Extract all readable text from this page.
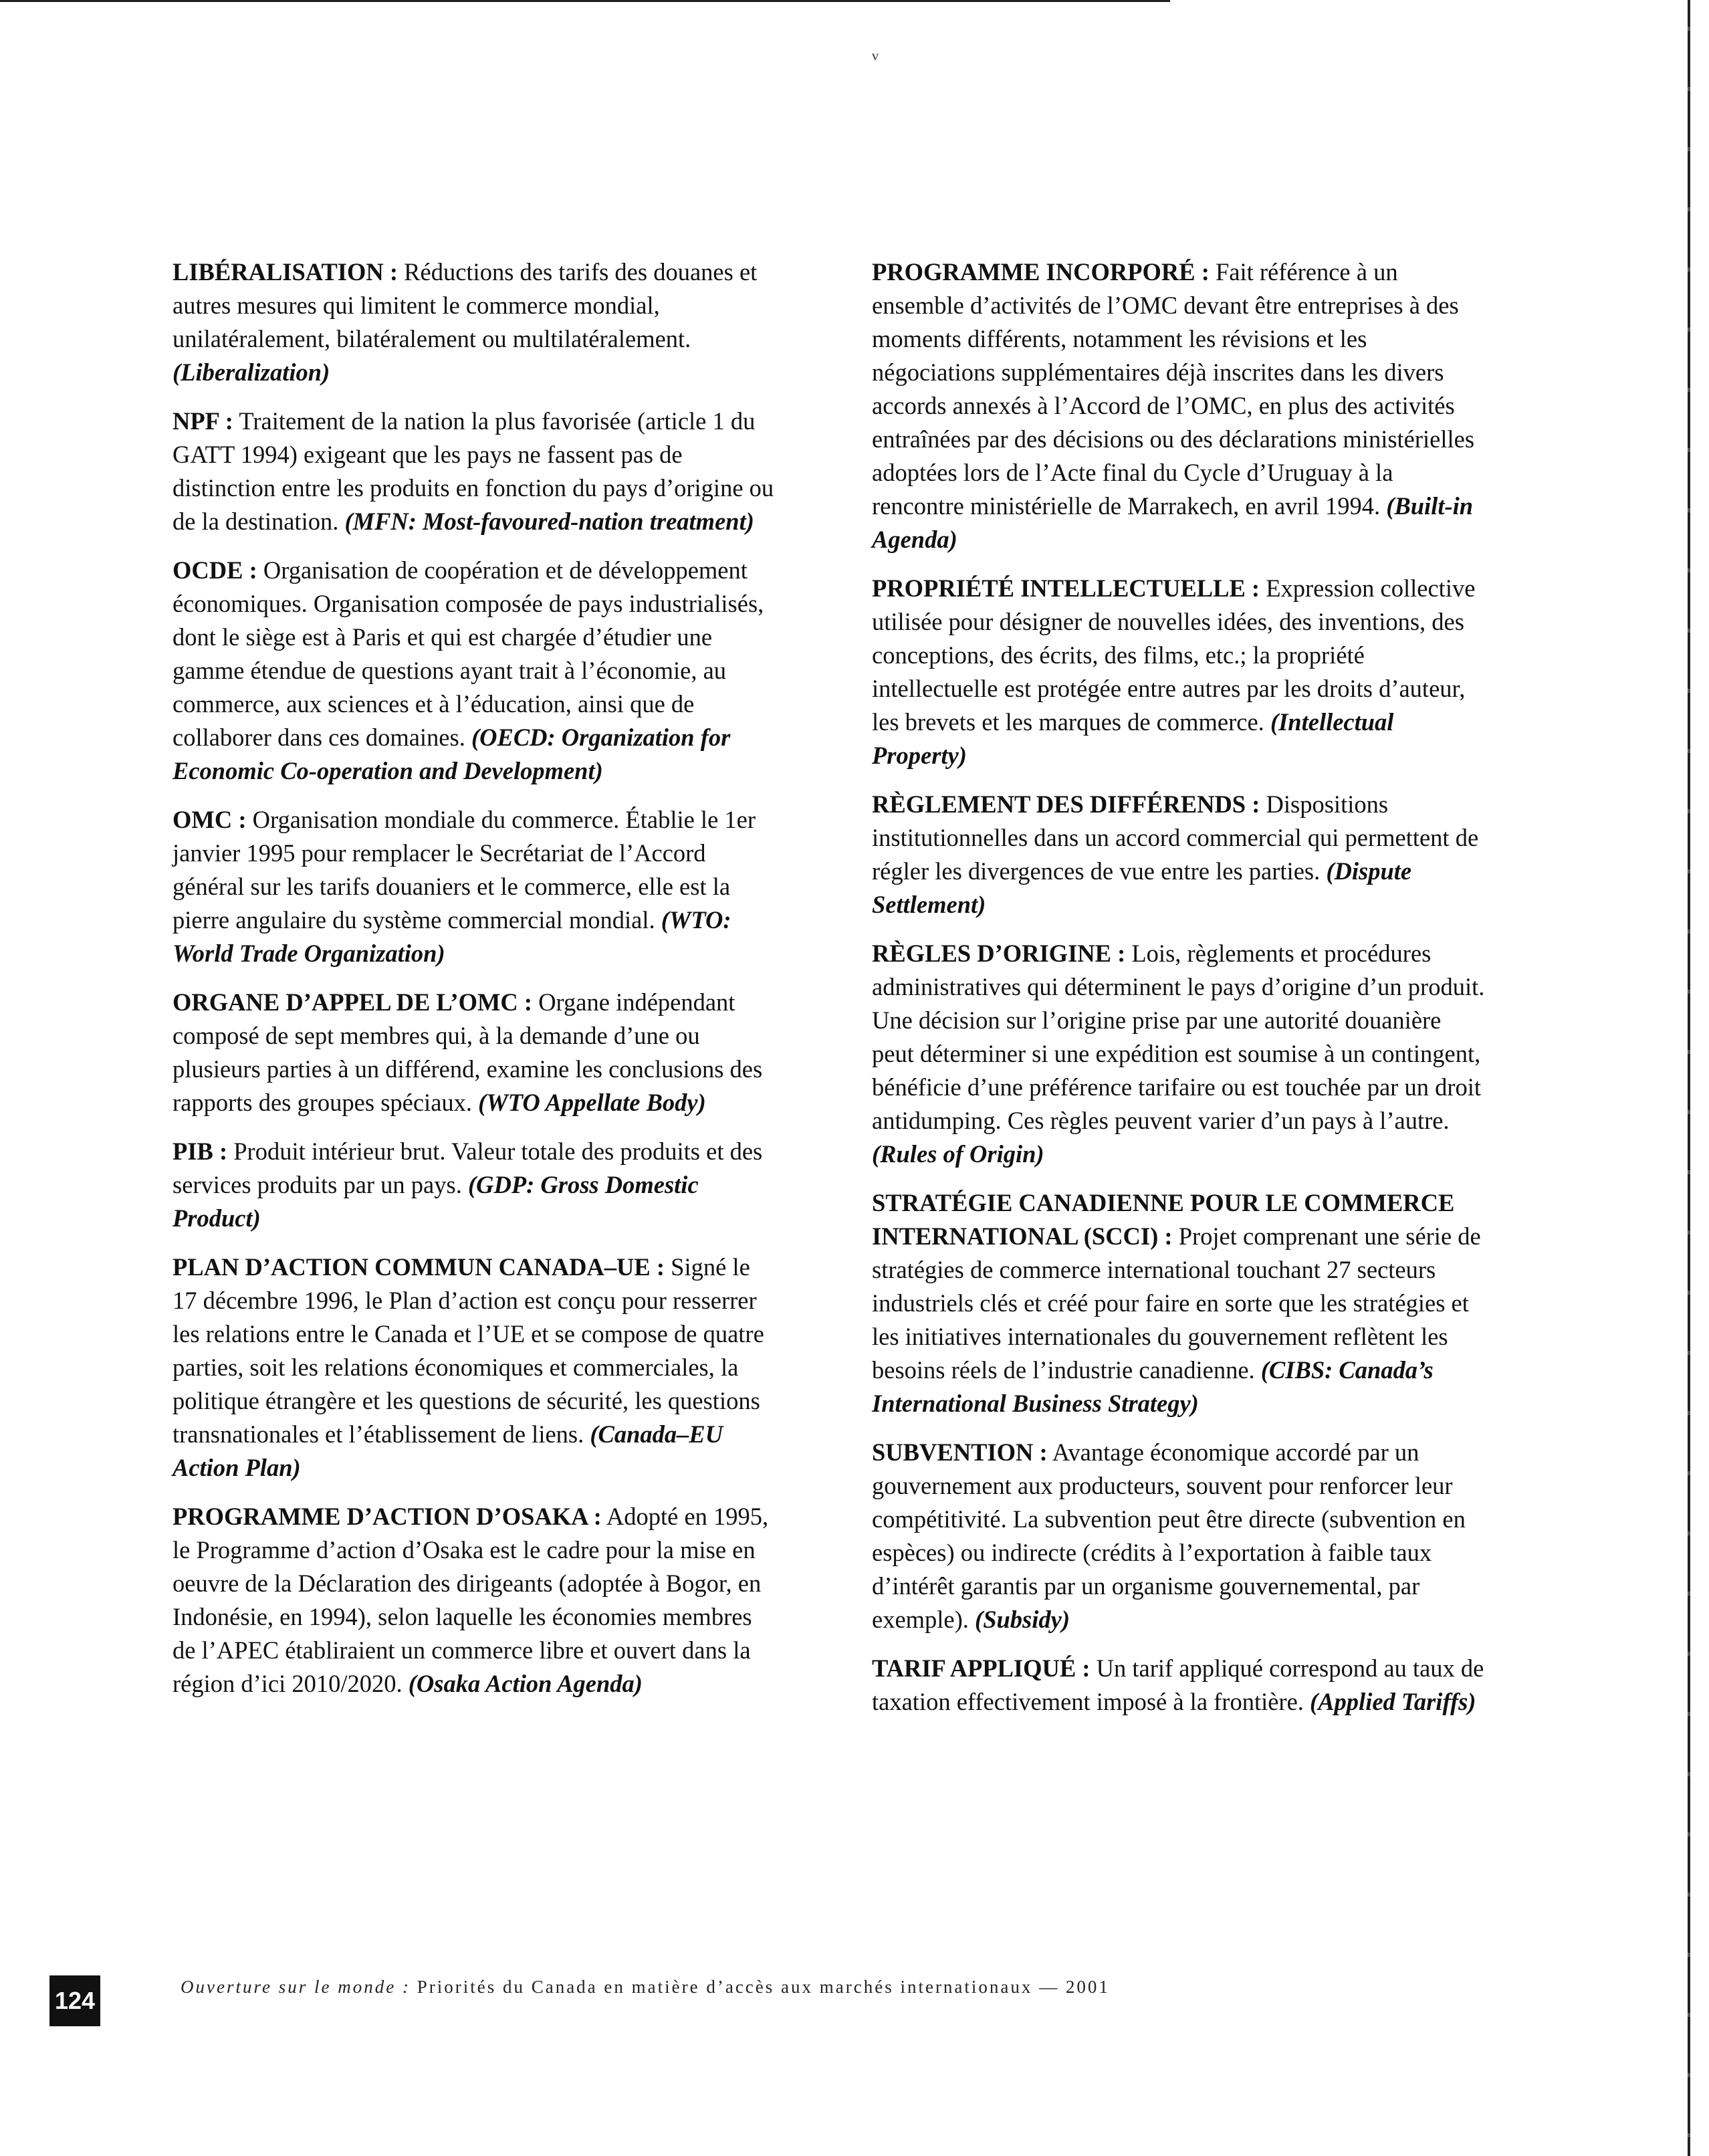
ᵥ

LIBÉRALISATION : Réductions des tarifs des douanes et autres mesures qui limitent le commerce mondial, unilatéralement, bilatéralement ou multilatéralement. (Liberalization)

NPF : Traitement de la nation la plus favorisée (article 1 du GATT 1994) exigeant que les pays ne fassent pas de distinction entre les produits en fonction du pays d’origine ou de la destination. (MFN: Most-favoured-nation treatment)

OCDE : Organisation de coopération et de développement économiques. Organisation composée de pays industrialisés, dont le siège est à Paris et qui est chargée d’étudier une gamme étendue de questions ayant trait à l’économie, au commerce, aux sciences et à l’éducation, ainsi que de collaborer dans ces domaines. (OECD: Organization for Economic Co-operation and Development)

OMC : Organisation mondiale du commerce. Établie le 1er janvier 1995 pour remplacer le Secrétariat de l’Accord général sur les tarifs douaniers et le commerce, elle est la pierre angulaire du système commercial mondial. (WTO: World Trade Organization)

ORGANE D’APPEL DE L’OMC : Organe indépendant composé de sept membres qui, à la demande d’une ou plusieurs parties à un différend, examine les conclusions des rapports des groupes spéciaux. (WTO Appellate Body)

PIB : Produit intérieur brut. Valeur totale des produits et des services produits par un pays. (GDP: Gross Domestic Product)

PLAN D’ACTION COMMUN CANADA–UE : Signé le 17 décembre 1996, le Plan d’action est conçu pour resserrer les relations entre le Canada et l’UE et se compose de quatre parties, soit les relations économiques et commerciales, la politique étrangère et les questions de sécurité, les questions transnationales et l’établissement de liens. (Canada–EU Action Plan)

PROGRAMME D’ACTION D’OSAKA : Adopté en 1995, le Programme d’action d’Osaka est le cadre pour la mise en oeuvre de la Déclaration des dirigeants (adoptée à Bogor, en Indonésie, en 1994), selon laquelle les économies membres de l’APEC établiraient un commerce libre et ouvert dans la région d’ici 2010/2020. (Osaka Action Agenda)

PROGRAMME INCORPORÉ : Fait référence à un ensemble d’activités de l’OMC devant être entreprises à des moments différents, notamment les révisions et les négociations supplémentaires déjà inscrites dans les divers accords annexés à l’Accord de l’OMC, en plus des activités entraînées par des décisions ou des déclarations ministérielles adoptées lors de l’Acte final du Cycle d’Uruguay à la rencontre ministérielle de Marrakech, en avril 1994. (Built-in Agenda)

PROPRIÉTÉ INTELLECTUELLE : Expression collective utilisée pour désigner de nouvelles idées, des inventions, des conceptions, des écrits, des films, etc.; la propriété intellectuelle est protégée entre autres par les droits d’auteur, les brevets et les marques de commerce. (Intellectual Property)

RÈGLEMENT DES DIFFÉRENDS : Dispositions institutionnelles dans un accord commercial qui permettent de régler les divergences de vue entre les parties. (Dispute Settlement)

RÈGLES D’ORIGINE : Lois, règlements et procédures administratives qui déterminent le pays d’origine d’un produit. Une décision sur l’origine prise par une autorité douanière peut déterminer si une expédition est soumise à un contingent, bénéficie d’une préférence tarifaire ou est touchée par un droit antidumping. Ces règles peuvent varier d’un pays à l’autre. (Rules of Origin)

STRATÉGIE CANADIENNE POUR LE COMMERCE INTERNATIONAL (SCCI) : Projet comprenant une série de stratégies de commerce international touchant 27 secteurs industriels clés et créé pour faire en sorte que les stratégies et les initiatives internationales du gouvernement reflètent les besoins réels de l’industrie canadienne. (CIBS: Canada’s International Business Strategy)

SUBVENTION : Avantage économique accordé par un gouvernement aux producteurs, souvent pour renforcer leur compétitivité. La subvention peut être directe (subvention en espèces) ou indirecte (crédits à l’exportation à faible taux d’intérêt garantis par un organisme gouvernemental, par exemple). (Subsidy)

TARIF APPLIQUÉ : Un tarif appliqué correspond au taux de taxation effectivement imposé à la frontière. (Applied Tariffs)

124	Ouverture sur le monde : Priorités du Canada en matière d’accès aux marchés internationaux — 2001
